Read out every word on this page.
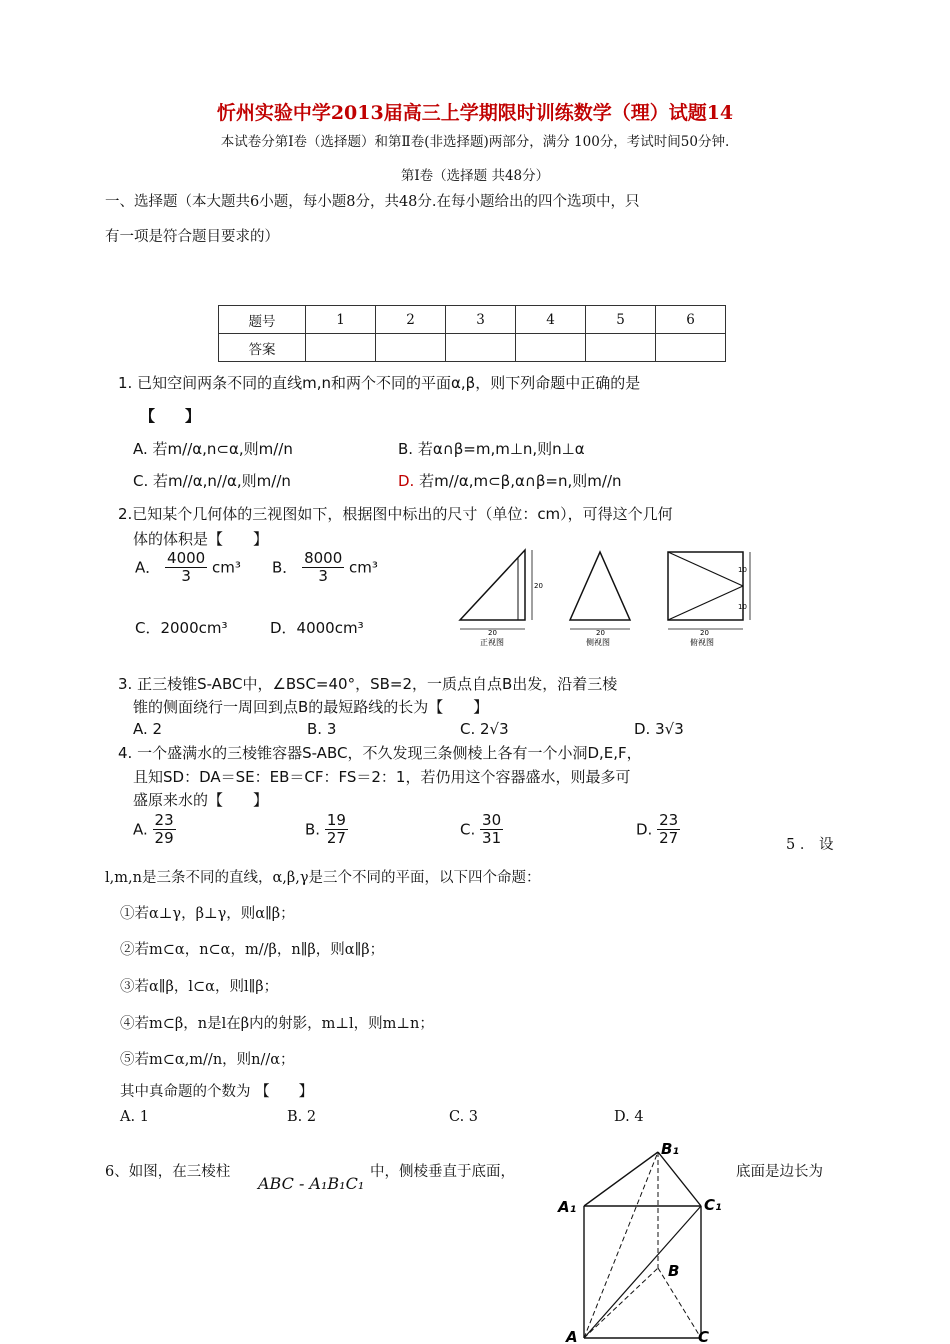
忻州实验中学2013届高三上学期限时训练数学（理）试题14
本试卷分第Ⅰ卷（选择题）和第Ⅱ卷(非选择题)两部分，满分 100分，考试时间50分钟.
第Ⅰ卷（选择题 共48分）
一、选择题（本大题共6小题，每小题8分，共48分.在每小题给出的四个选项中，只
有一项是符合题目要求的）
题号	1	2	3	4	5	6
答案						
1. 已知空间两条不同的直线m,n和两个不同的平面α,β，则下列命题中正确的是
【　　】
A. 若m//α,n⊂α,则m//n	B. 若α∩β=m,m⊥n,则n⊥α
C. 若m//α,n//α,则m//n	D. 若m//α,m⊂β,α∩β=n,则m//n
2.已知某个几何体的三视图如下，根据图中标出的尺寸（单位：cm），可得这个几何
体的体积是【　　】
A． $\frac{4000}{3} cm^3$ B． $\frac{8000}{3} cm^3$
C．2000cm³	D．4000cm³	20
20
正视图
20
侧视图
20
10
10
俯视图
3. 正三棱锥S-ABC中，∠BSC=40°，SB=2，一质点自点B出发，沿着三棱
锥的侧面绕行一周回到点B的最短路线的长为【　　】
A. 2	B. 3	C. 2√3	D. 3√3
4. 一个盛满水的三棱锥容器S-ABC，不久发现三条侧棱上各有一个小洞D,E,F，
且知SD：DA＝SE：EB＝CF：FS＝2：1，若仍用这个容器盛水，则最多可
盛原来水的【　　】
A. $\frac{23}{29}$	B. $\frac{19}{27}$	C. $\frac{30}{31}$	D. $\frac{23}{27}$	5 ． 设
l,m,n是三条不同的直线，α,β,γ是三个不同的平面，以下四个命题：
①若α⊥γ，β⊥γ，则α∥β；
②若m⊂α，n⊂α，m//β，n∥β，则α∥β；
③若α∥β，l⊂α，则l∥β；
④若m⊂β，n是l在β内的射影，m⊥l，则m⊥n；
⑤若m⊂α,m//n，则n//α；
其中真命题的个数为 【　　】
A. 1	B. 2	C. 3	D. 4
6、如图，在三棱柱
ABC - A₁B₁C₁
中，侧棱垂直于底面，	底面是边长为
B₁
A₁	C₁
B
A	C
